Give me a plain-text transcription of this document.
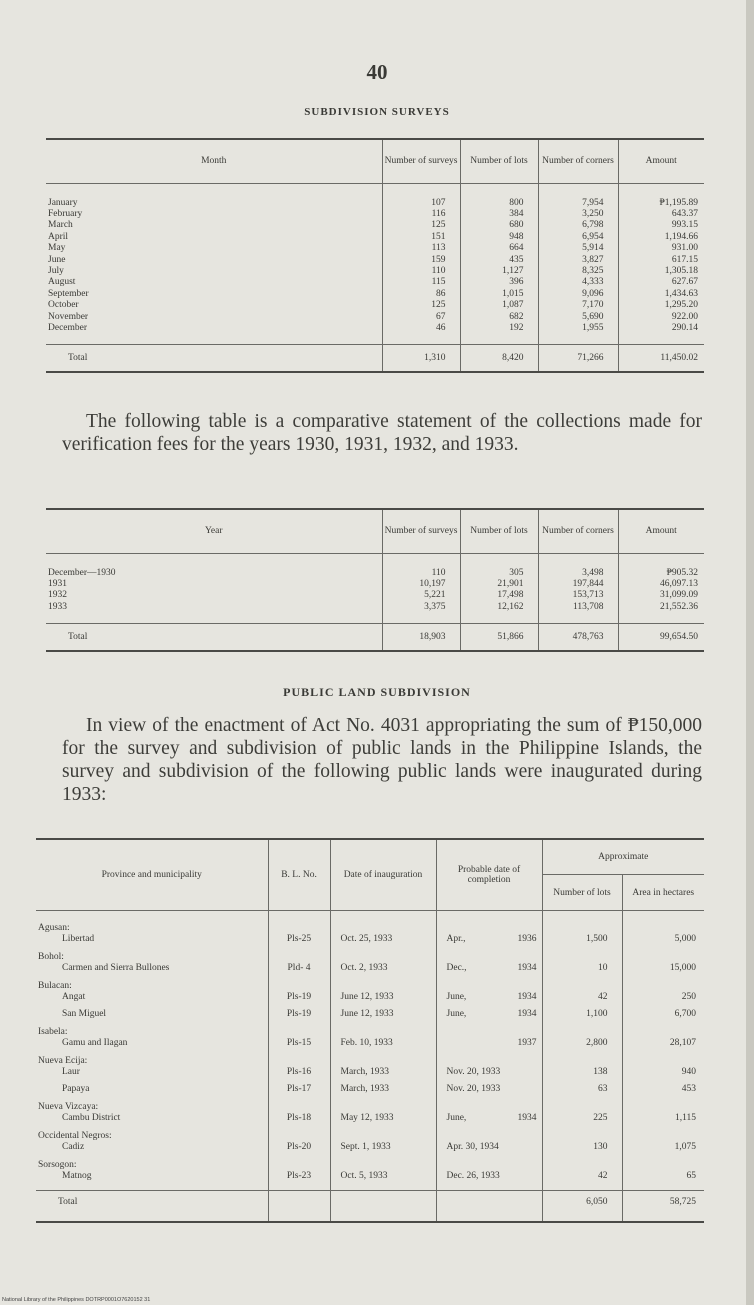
40
SUBDIVISION SURVEYS
Month	Number of surveys	Number of lots	Number of corners	Amount
January	107	800	7,954	₱1,195.89
February	116	384	3,250	643.37
March	125	680	6,798	993.15
April	151	948	6,954	1,194.66
May	113	664	5,914	931.00
June	159	435	3,827	617.15
July	110	1,127	8,325	1,305.18
August	115	396	4,333	627.67
September	86	1,015	9,096	1,434.63
October	125	1,087	7,170	1,295.20
November	67	682	5,690	922.00
December	46	192	1,955	290.14
Total	1,310	8,420	71,266	11,450.02
The following table is a comparative statement of the collections made for verification fees for the years 1930, 1931, 1932, and 1933.
Year	Number of surveys	Number of lots	Number of corners	Amount
December—1930	110	305	3,498	₱905.32
1931	10,197	21,901	197,844	46,097.13
1932	5,221	17,498	153,713	31,099.09
1933	3,375	12,162	113,708	21,552.36
Total	18,903	51,866	478,763	99,654.50
PUBLIC LAND SUBDIVISION
In view of the enactment of Act No. 4031 appropriating the sum of ₱150,000 for the survey and subdivision of public lands in the Philippine Islands, the survey and subdivision of the following public lands were inaugurated during 1933:
Province and municipality	B. L. No.	Date of inauguration	Probable date of completion	Approximate	
				Number of lots	Area in hectares
Agusan:					
Libertad	Pls-25	Oct. 25, 1933	Apr., 1936	1,500	5,000
Bohol:					
Carmen and Sierra Bullones	Pld- 4	Oct. 2, 1933	Dec., 1934	10	15,000
Bulacan:					
Angat	Pls-19	June 12, 1933	June, 1934	42	250
San Miguel	Pls-19	June 12, 1933	June, 1934	1,100	6,700
Isabela:					
Gamu and Ilagan	Pls-15	Feb. 10, 1933	1937	2,800	28,107
Nueva Ecija:					
Laur	Pls-16	March, 1933	Nov. 20, 1933	138	940
Papaya	Pls-17	March, 1933	Nov. 20, 1933	63	453
Nueva Vizcaya:					
Cambu District	Pls-18	May 12, 1933	June, 1934	225	1,115
Occidental Negros:					
Cadiz	Pls-20	Sept. 1, 1933	Apr. 30, 1934	130	1,075
Sorsogon:					
Matnog	Pls-23	Oct. 5, 1933	Dec. 26, 1933	42	65
Total				6,050	58,725
National Library of the Philippines DOTRP0001O7620152 31
